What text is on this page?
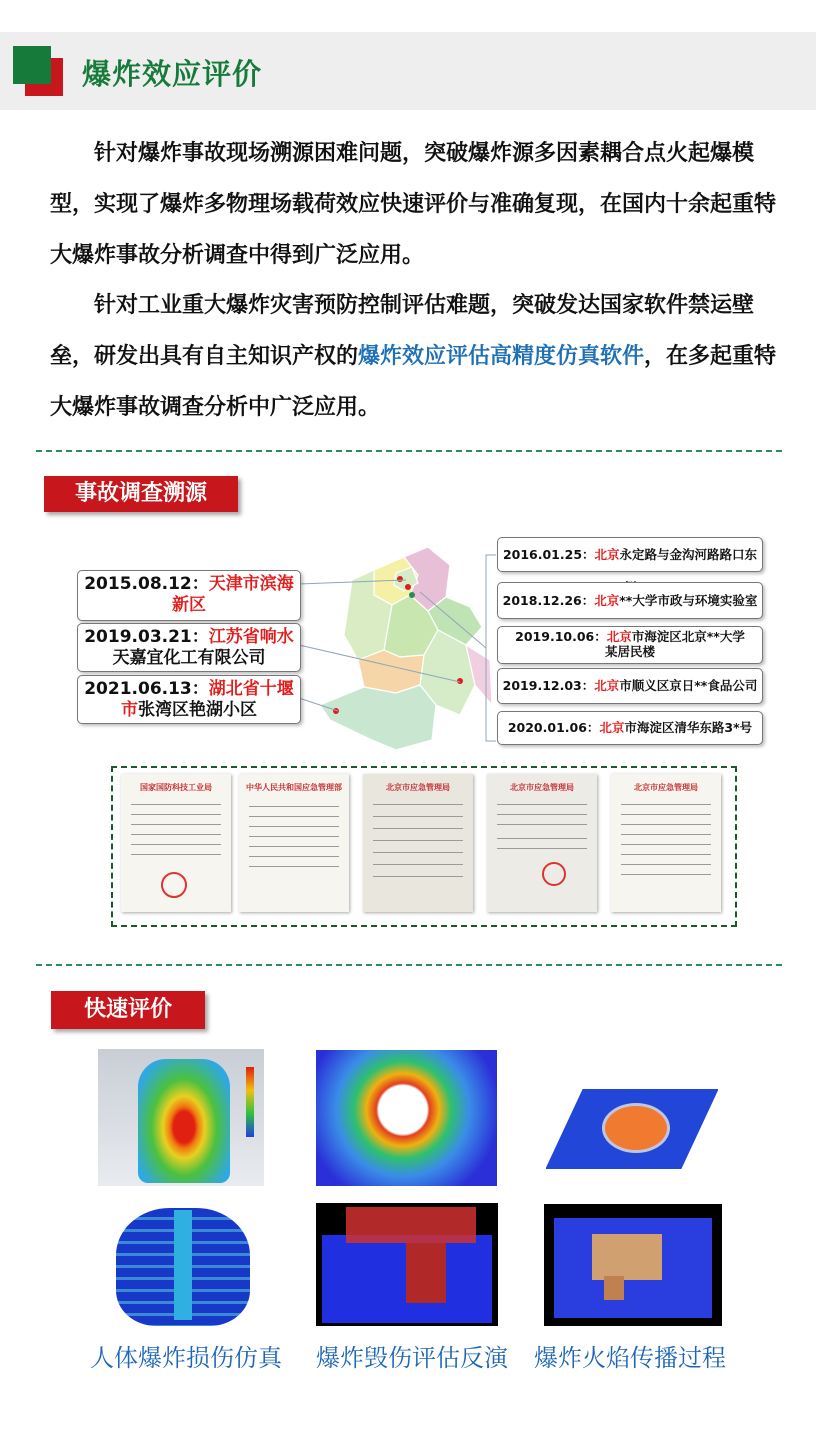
爆炸效应评价

针对爆炸事故现场溯源困难问题，突破爆炸源多因素耦合点火起爆模型，实现了爆炸多物理场载荷效应快速评价与准确复现，在国内十余起重特大爆炸事故分析调查中得到广泛应用。

针对工业重大爆炸灾害预防控制评估难题，突破发达国家软件禁运壁垒，研发出具有自主知识产权的爆炸效应评估高精度仿真软件，在多起重特大爆炸事故调查分析中广泛应用。

事故调查溯源
2015.08.12：天津市滨海新区
2019.03.21：江苏省响水
天嘉宜化工有限公司
2021.06.13：湖北省十堰市张湾区艳湖小区
2016.01.25：北京永定路与金沟河路路口东
2018.12.26：北京**大学市政与环境实验室
2019.10.06：北京市海淀区北京**大学某居民楼
2019.12.03：北京市顺义区京日**食品公司
2020.01.06：北京市海淀区清华东路3*号
国家国防科技工业局	中华人民共和国应急管理部	北京市应急管理局	北京市应急管理局	北京市应急管理局
快速评价
人体爆炸损伤仿真 爆炸毁伤评估反演 爆炸火焰传播过程
